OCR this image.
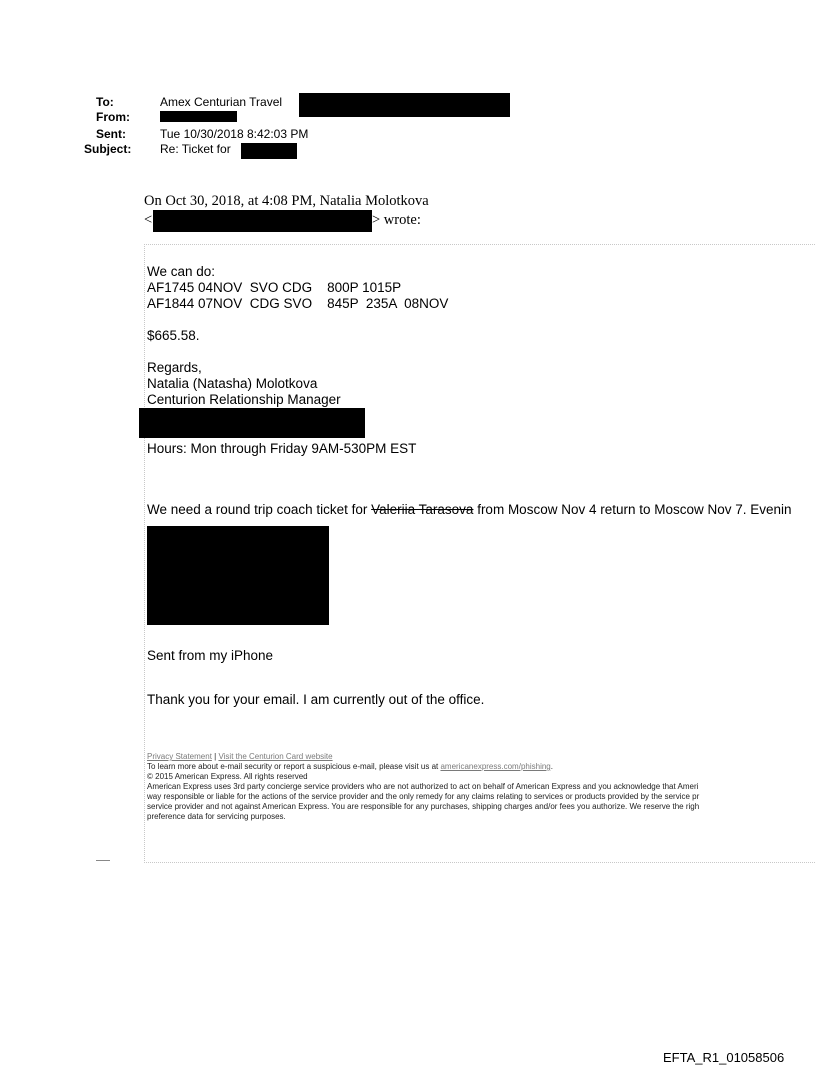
To:	Amex Centurian Travel
From:
Sent:	Tue 10/30/2018 8:42:03 PM
Subject: Re: Ticket for
On Oct 30, 2018, at 4:08 PM, Natalia Molotkova
<	> wrote:
We can do:
AF1745 04NOV  SVO CDG    800P 1015P
AF1844 07NOV  CDG SVO    845P  235A  08NOV
$665.58.
Regards,
Natalia (Natasha) Molotkova
Centurion Relationship Manager
Hours: Mon through Friday 9AM-530PM EST
We need a round trip coach ticket for Valeriia Tarasova from Moscow Nov 4 return to Moscow Nov 7. Evenin
Sent from my iPhone
Thank you for your email. I am currently out of the office.
Privacy Statement | Visit the Centurion Card website
To learn more about e-mail security or report a suspicious e-mail, please visit us at americanexpress.com/phishing.
© 2015 American Express. All rights reserved
American Express uses 3rd party concierge service providers who are not authorized to act on behalf of American Express and you acknowledge that Ameri
way responsible or liable for the actions of the service provider and the only remedy for any claims relating to services or products provided by the service pr
service provider and not against American Express. You are responsible for any purchases, shipping charges and/or fees you authorize. We reserve the righ
preference data for servicing purposes.
EFTA_R1_01058506
